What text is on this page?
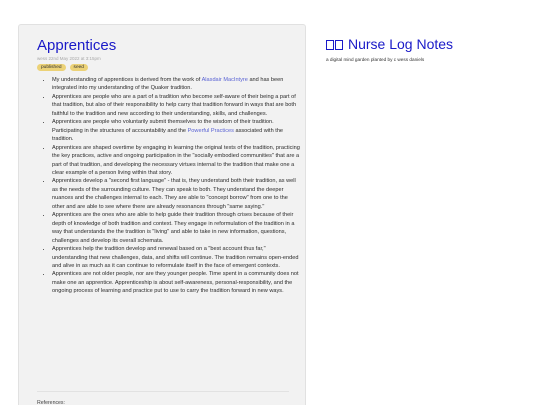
Apprentices
wess 22nd May 2022 at 3:15pm
published	seed
• My understanding of apprentices is derived from the work of Alasdair MacIntyre and has been integrated into my understanding of the Quaker tradition.
• Apprentices are people who are a part of a tradition who become self-aware of their being a part of that tradition, but also of their responsibility to help carry that tradition forward in ways that are both faithful to the tradition and new according to their understanding, skills, and challenges.
• Apprentices are people who voluntarily submit themselves to the wisdom of their tradition. Participating in the structures of accountability and the Powerful Practices associated with the tradition.
• Apprentices are shaped overtime by engaging in learning the original texts of the tradition, practicing the key practices, active and ongoing participation in the "socially embodied communities" that are a part of that tradition, and developing the necessary virtues internal to the tradition that make one a clear example of a person living within that story.
• Apprentices develop a "second first language" - that is, they understand both their tradition, as well as the needs of the surrounding culture. They can speak to both. They understand the deeper nuances and the challenges internal to each. They are able to "concept borrow" from one to the other and are able to see where there are already resonances through "same saying."
• Apprentices are the ones who are able to help guide their tradition through crises because of their depth of knowledge of both tradition and context. They engage in reformulation of the tradition in a way that understands the the tradition is "living" and able to take in new information, questions, challenges and develop its overall schemata.
• Apprentices help the tradition develop and renewal based on a "best account thus far," understanding that new challenges, data, and shifts will continue. The tradition remains open-ended and alive in as much as it can continue to reformulate itself in the face of emergent contexts.
• Apprentices are not older people, nor are they younger people. Time spent in a community does not make one an apprentice. Apprenticeship is about self-awareness, personal-responsibility, and the ongoing process of learning and practice put to use to carry the tradition forward in new ways.
References:
Nurse Log Notes
a digital mind garden planted by c wess daniels
